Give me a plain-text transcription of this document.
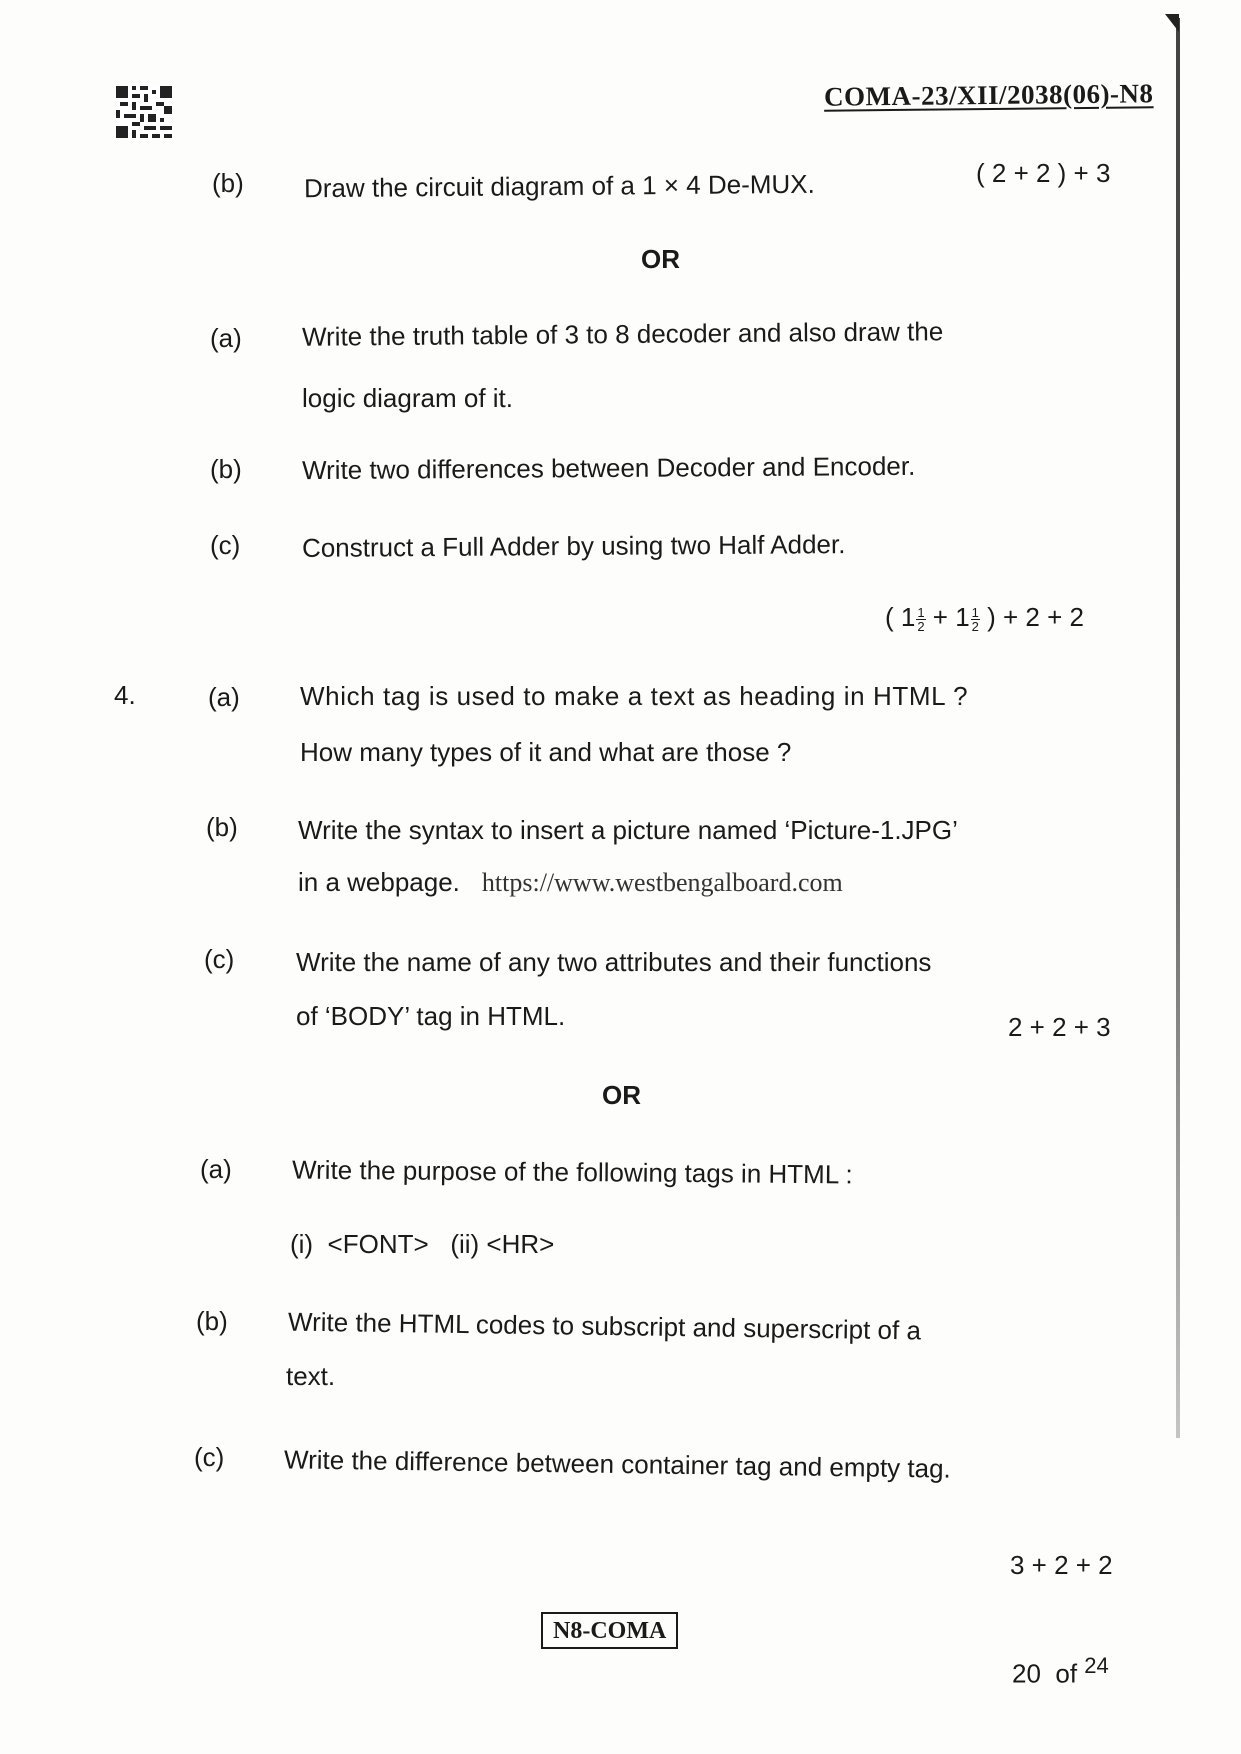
COMA-23/XII/2038(06)-N8
(b) Draw the circuit diagram of a 1 × 4 De-MUX.	( 2 + 2 ) + 3
OR
(a) Write the truth table of 3 to 8 decoder and also draw the
logic diagram of it.
(b) Write two differences between Decoder and Encoder.
(c) Construct a Full Adder by using two Half Adder.
( $1 \frac{1}{2} + 1 \frac{1}{2}$ ) + 2 + 2
4.	(a) Which tag is used to make a text as heading in HTML ?
How many types of it and what are those ?
(b) Write the syntax to insert a picture named ‘Picture-1.JPG’
in a webpage. https://www.westbengalboard.com
(c) Write the name of any two attributes and their functions
of ‘BODY’ tag in HTML.	2 + 2 + 3
OR
(a) Write the purpose of the following tags in HTML :
(i)  <FONT>   (ii) <HR>
(b) Write the HTML codes to subscript and superscript of a
text.
(c) Write the difference between container tag and empty tag.
3 + 2 + 2
N8-COMA
20  of $^{24}$
